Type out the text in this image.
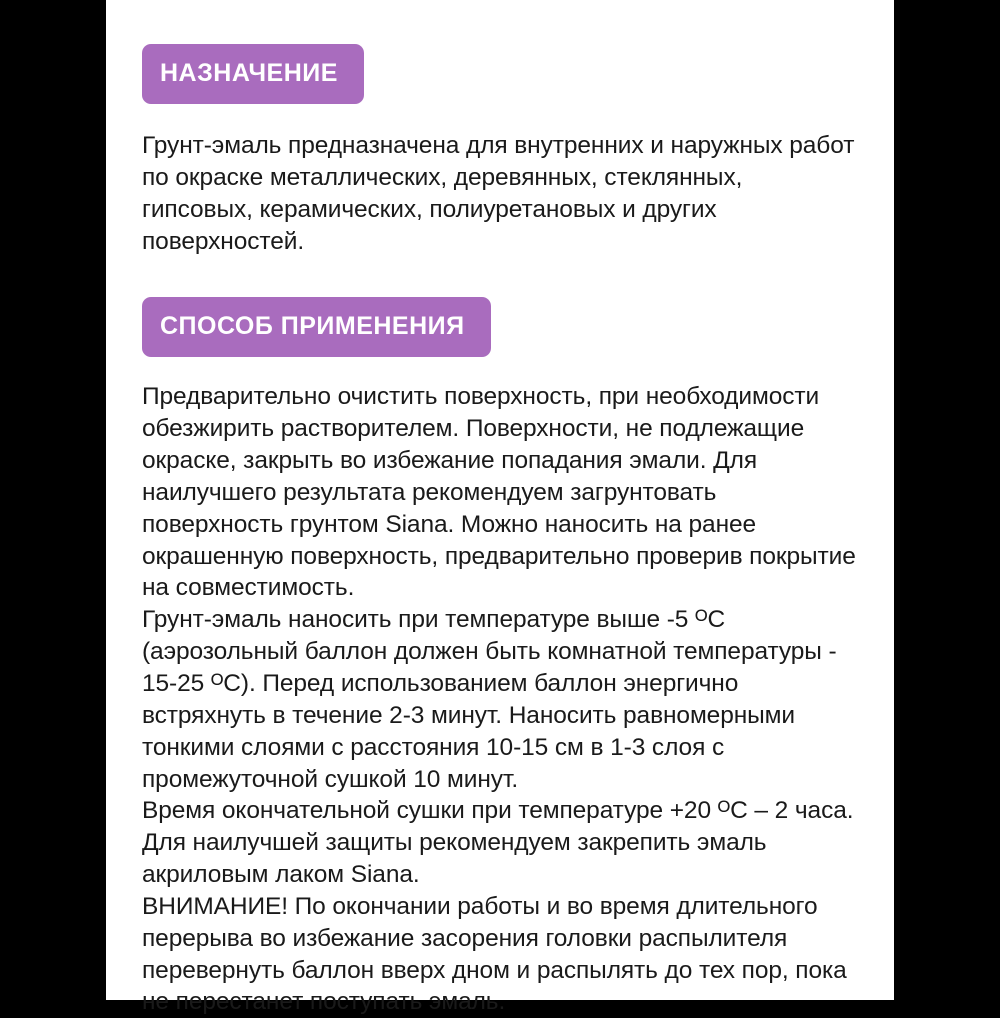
НАЗНАЧЕНИЕ

Грунт-эмаль предназначена для внутренних и наружных работ по окраске металлических, деревянных, стеклянных, гипсовых, керамических, полиуретановых и других поверхностей.

СПОСОБ ПРИМЕНЕНИЯ

Предварительно очистить поверхность, при необходимости обезжирить растворителем. Поверхности, не подлежащие окраске, закрыть во избежание попадания эмали. Для наилучшего результата рекомендуем загрунтовать поверхность грунтом Siana. Можно наносить на ранее окрашенную поверхность, предварительно проверив покрытие на совместимость.

Грунт-эмаль наносить при температуре выше -5 ᴼС (аэрозольный баллон должен быть комнатной температуры - 15-25 ᴼС). Перед использованием баллон энергично встряхнуть в течение 2-3 минут. Наносить равномерными тонкими слоями с расстояния 10-15 см в 1-3 слоя с промежуточной сушкой 10 минут.

Время окончательной сушки при температуре +20 ᴼС – 2 часа. Для наилучшей защиты рекомендуем закрепить эмаль акриловым лаком Siana.

ВНИМАНИЕ! По окончании работы и во время длительного перерыва во избежание засорения головки распылителя перевернуть баллон вверх дном и распылять до тех пор, пока не перестанет поступать эмаль.
